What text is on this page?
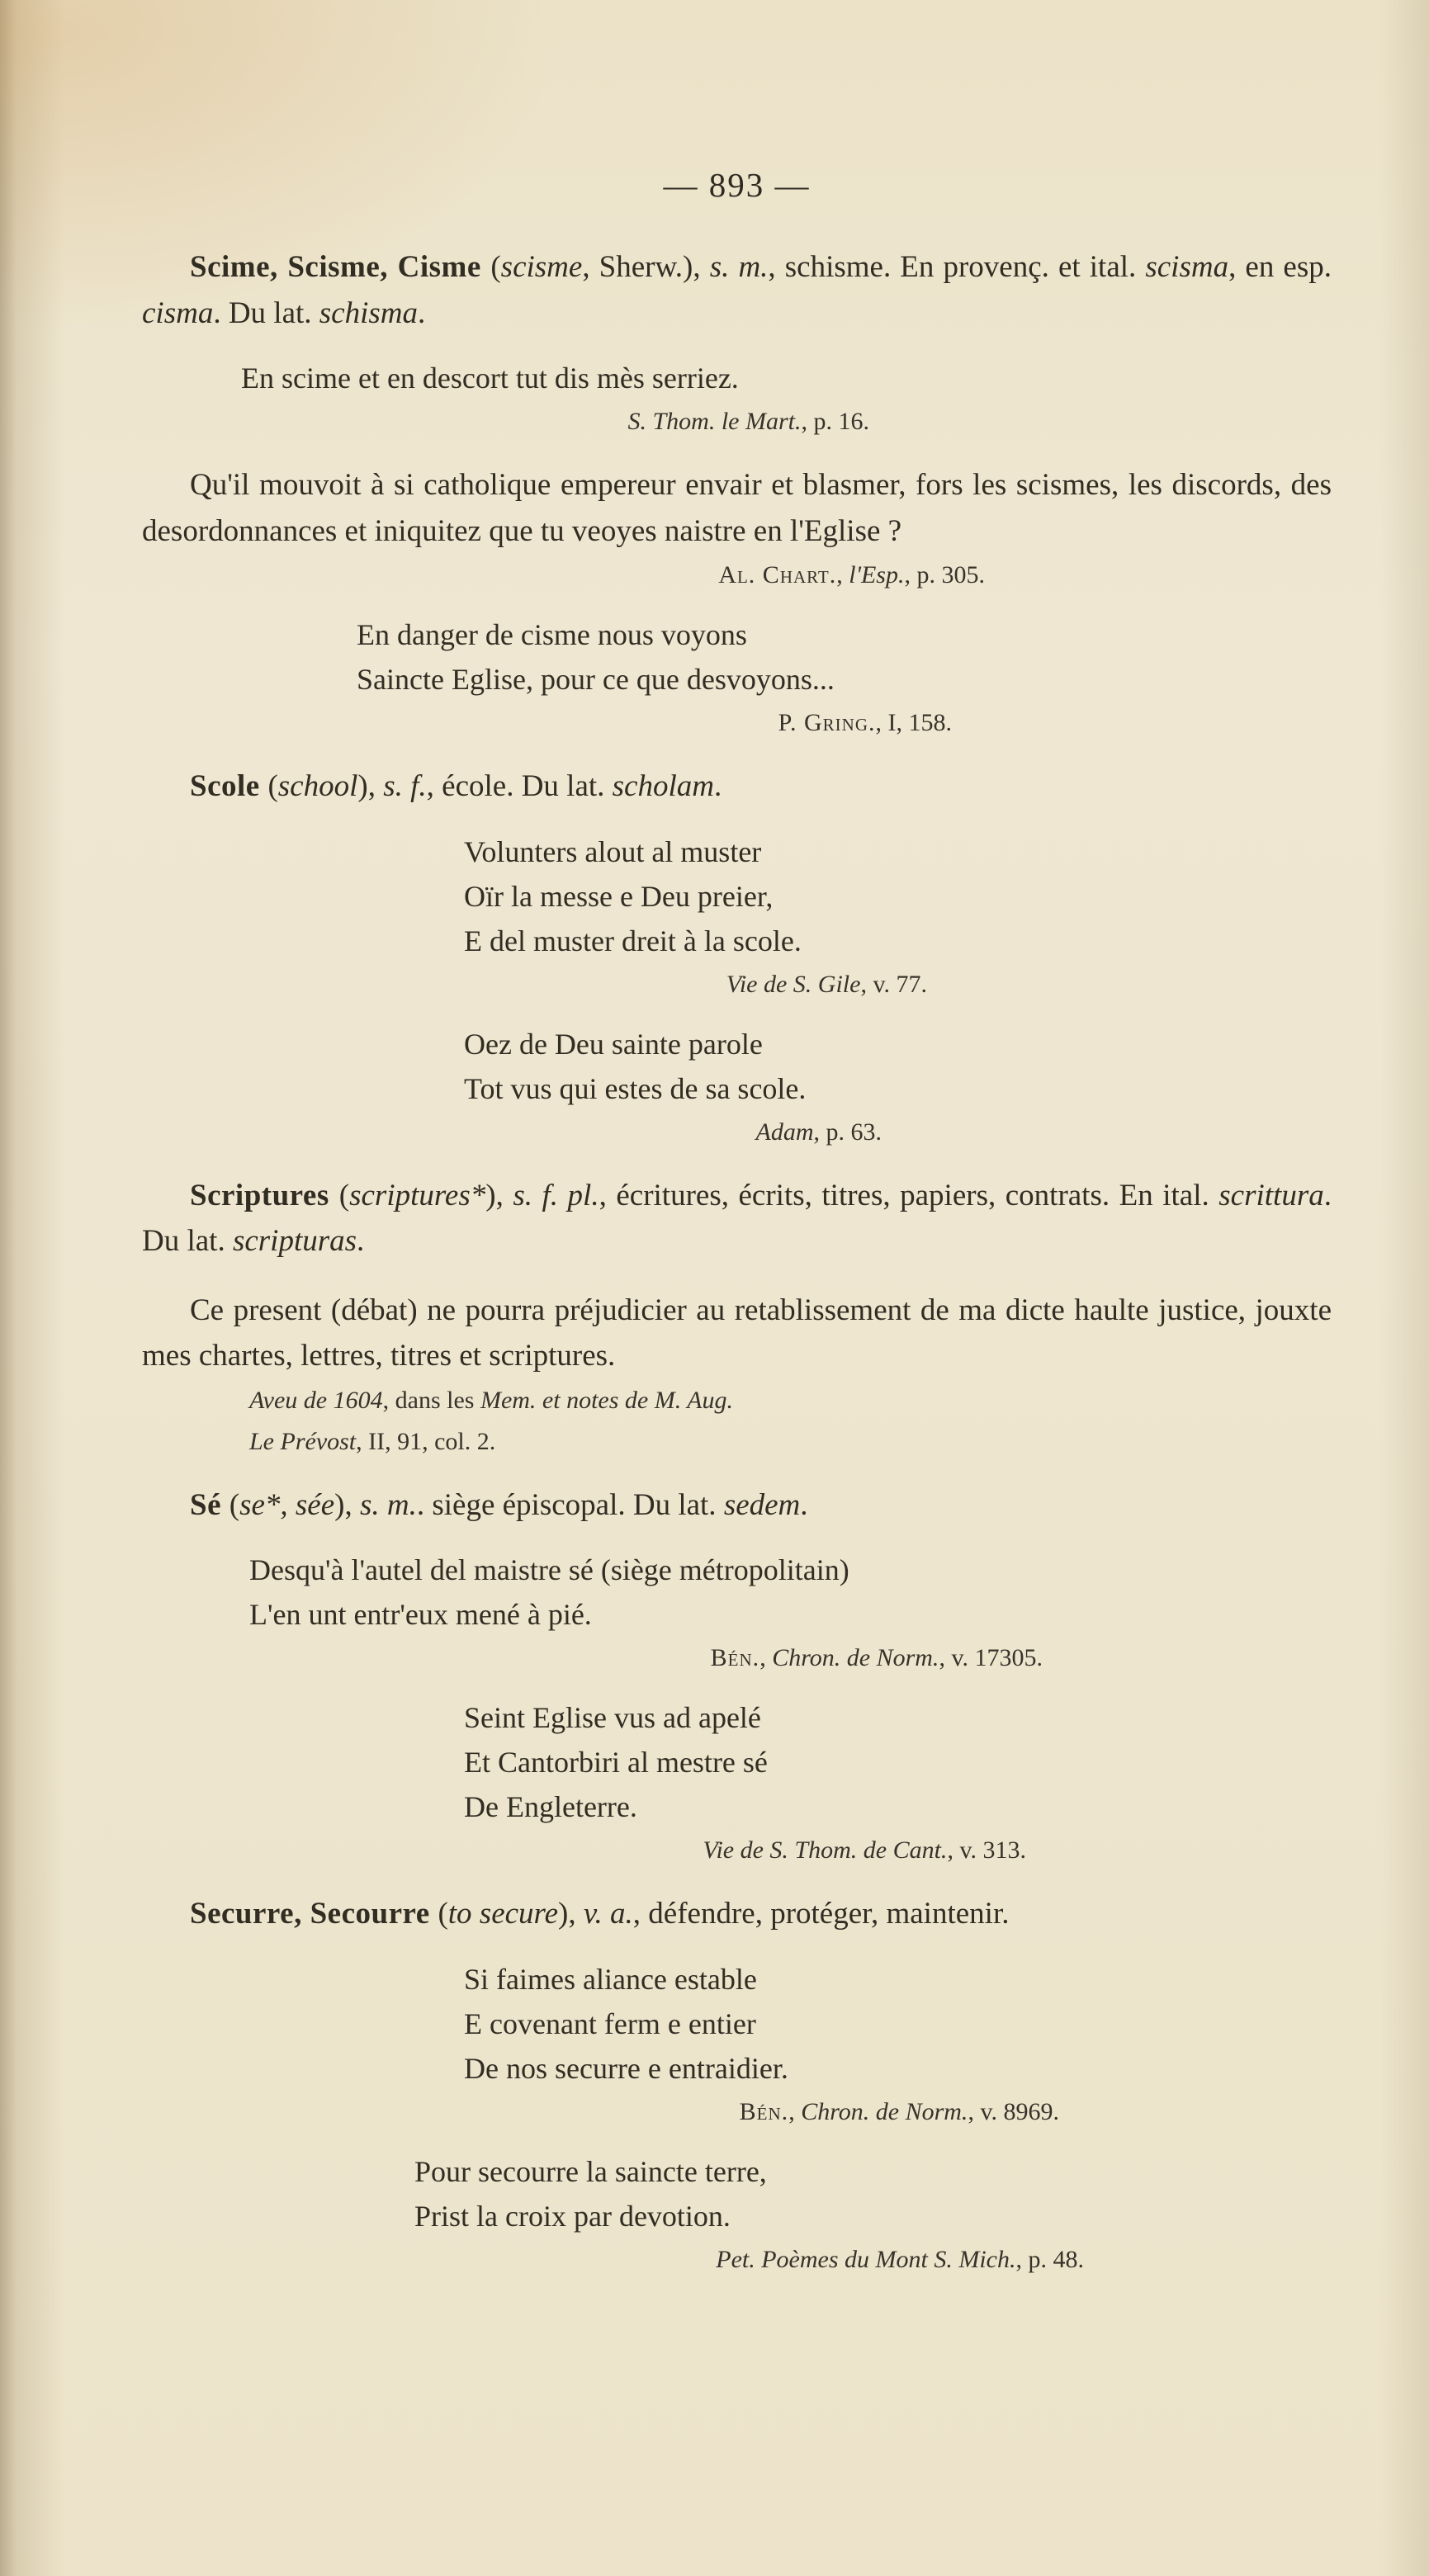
— 893 —
Scime, Scisme, Cisme (scisme, Sherw.), s. m., schisme. En provenç. et ital. scisma, en esp. cisma. Du lat. schisma.
En scime et en descort tut dis mès serriez.
S. Thom. le Mart., p. 16.
Qu'il mouvoit à si catholique empereur envair et blasmer, fors les scismes, les discords, des desordonnances et iniquitez que tu veoyes naistre en l'Eglise ?
Al. Chart., l'Esp., p. 305.
En danger de cisme nous voyons
Saincte Eglise, pour ce que desvoyons...
P. Gring., I, 158.
Scole (school), s. f., école. Du lat. scholam.
Volunters alout al muster
Oïr la messe e Deu preier,
E del muster dreit à la scole.
Vie de S. Gile, v. 77.
Oez de Deu sainte parole
Tot vus qui estes de sa scole.
Adam, p. 63.
Scriptures (scriptures*), s. f. pl., écritures, écrits, titres, papiers, contrats. En ital. scrittura. Du lat. scripturas.
Ce present (débat) ne pourra préjudicier au retablissement de ma dicte haulte justice, jouxte mes chartes, lettres, titres et scriptures.
Aveu de 1604, dans les Mem. et notes de M. Aug.
Le Prévost, II, 91, col. 2.
Sé (se*, sée), s. m.. siège épiscopal. Du lat. sedem.
Desqu'à l'autel del maistre sé (siège métropolitain)
L'en unt entr'eux mené à pié.
Bén., Chron. de Norm., v. 17305.
Seint Eglise vus ad apelé
Et Cantorbiri al mestre sé
De Engleterre.
Vie de S. Thom. de Cant., v. 313.
Securre, Secourre (to secure), v. a., défendre, protéger, maintenir.
Si faimes aliance estable
E covenant ferm e entier
De nos securre e entraidier.
Bén., Chron. de Norm., v. 8969.
Pour secourre la saincte terre,
Prist la croix par devotion.
Pet. Poèmes du Mont S. Mich., p. 48.
